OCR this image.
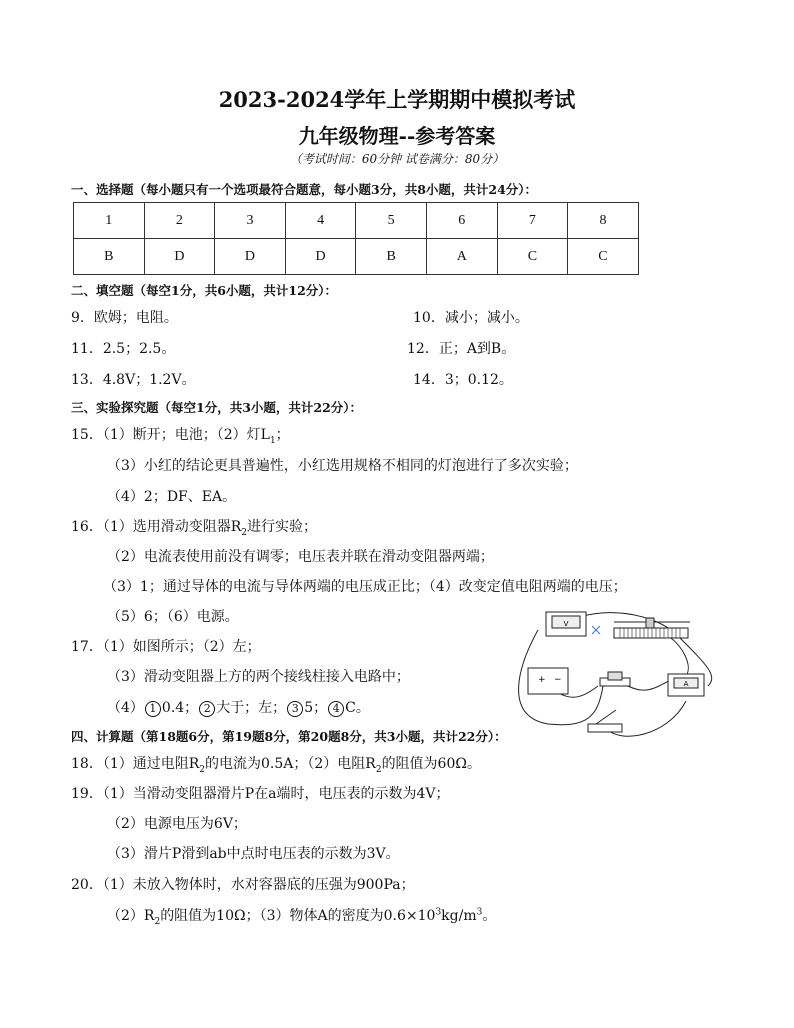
2023-2024学年上学期期中模拟考试
九年级物理--参考答案
（考试时间：60分钟 试卷满分：80分）
一、选择题（每小题只有一个选项最符合题意，每小题3分，共8小题，共计24分）：
1	2	3	4	5	6	7	8
B	D	D	D	B	A	C	C
二、填空题（每空1分，共6小题，共计12分）：
9．欧姆；电阻。	10．减小；减小。
11．2.5；2.5。	12．正；A到B。
13．4.8V；1.2V。	14．3；0.12。
三、实验探究题（每空1分，共3小题，共计22分）：
15．（1）断开；电池；（2）灯$L_1$；
（3）小红的结论更具普遍性，小红选用规格不相同的灯泡进行了多次实验；
（4）2；DF、EA。
16．（1）选用滑动变阻器$R_2$进行实验；
（2）电流表使用前没有调零；电压表并联在滑动变阻器两端；
（3）1；通过导体的电流与导体两端的电压成正比；（4）改变定值电阻两端的电压；
（5）6；（6）电源。
17．（1）如图所示；（2）左；
（3）滑动变阻器上方的两个接线柱接入电路中；
（4） 1 0.4； 2 大于；左； 3 5； 4 C。
V
+ −	A
四、计算题（第18题6分，第19题8分，第20题8分，共3小题，共计22分）：
18．（1）通过电阻$R_2$的电流为0.5A；（2）电阻$R_2$的阻值为60Ω。
19．（1）当滑动变阻器滑片P在a端时，电压表的示数为4V；
（2）电源电压为6V；
（3）滑片P滑到ab中点时电压表的示数为3V。
20．（1）未放入物体时，水对容器底的压强为900Pa；
$(2)R_2$的阻值为10Ω；（3）物体A的密度为$0.6\times 10^3kg/m^3$。
